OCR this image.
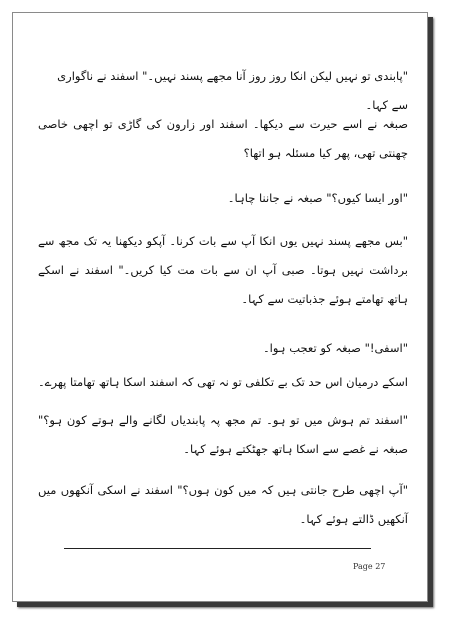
"پابندی تو نہیں لیکن انکا روز روز آنا مجھے پسند نہیں۔" اسفند نے ناگواری سے کہا۔
صبغہ نے اسے حیرت سے دیکھا۔ اسفند اور زارون کی گاڑی تو اچھی خاصی چھنتی تھی، پھر کیا مسئلہ ہو اتھا؟
"اور ایسا کیوں؟" صبغہ نے جاننا چاہا۔
"بس مجھے پسند نہیں یوں انکا آپ سے بات کرنا۔ آپکو دیکھنا یہ تک مجھ سے برداشت نہیں ہوتا۔ صبی آپ ان سے بات مت کیا کریں۔" اسفند نے اسکے ہاتھ تھامتے ہوئے جذباتیت سے کہا۔
"اسفی!" صبغہ کو تعجب ہوا۔
اسکے درمیان اس حد تک بے تکلفی تو نہ تھی کہ اسفند اسکا ہاتھ تھامتا پھرے۔
"اسفند تم ہوش میں تو ہو۔ تم مجھ پہ پابندیاں لگانے والے ہوتے کون ہو؟" صبغہ نے غصے سے اسکا ہاتھ جھٹکتے ہوئے کہا۔
"آپ اچھی طرح جانتی ہیں کہ میں کون ہوں؟" اسفند نے اسکی آنکھوں میں آنکھیں ڈالتے ہوئے کہا۔
Page 27
